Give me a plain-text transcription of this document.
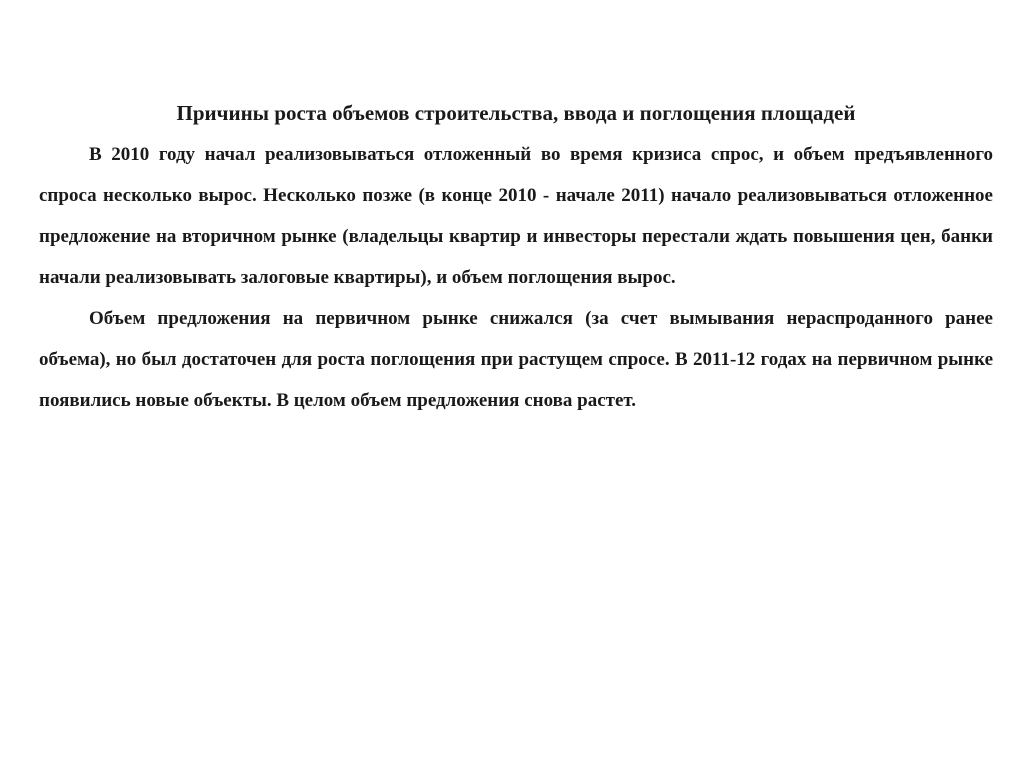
Причины роста объемов строительства, ввода и поглощения площадей

В 2010 году начал реализовываться отложенный во время кризиса спрос, и объем предъявленного спроса несколько вырос. Несколько позже (в конце 2010 - начале 2011) начало реализовываться отложенное предложение на вторичном рынке (владельцы квартир и инвесторы перестали ждать повышения цен, банки начали реализовывать залоговые квартиры), и объем поглощения вырос.

Объем предложения на первичном рынке снижался (за счет вымывания нераспроданного ранее объема), но был достаточен для роста поглощения при растущем спросе. В 2011-12 годах на первичном рынке появились новые объекты. В целом объем предложения снова растет.
